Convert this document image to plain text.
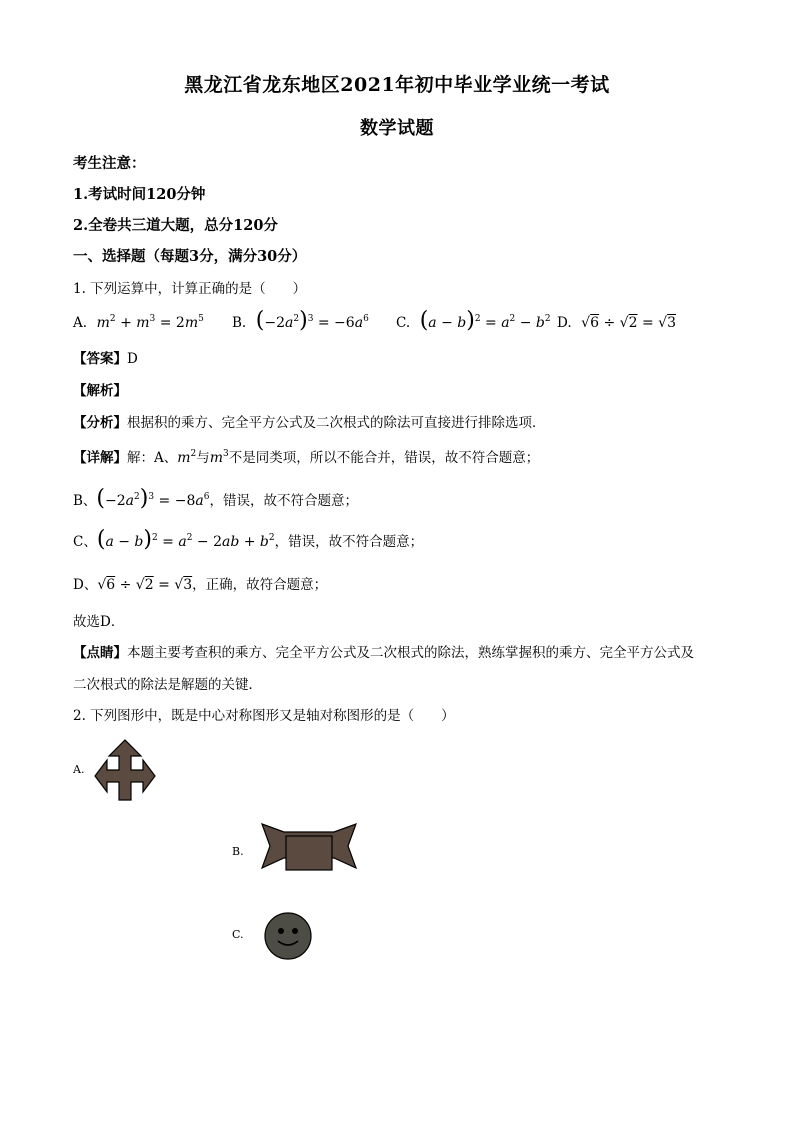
黑龙江省龙东地区2021年初中毕业学业统一考试
数学试题
考生注意：
1.考试时间120分钟
2.全卷共三道大题，总分120分
一、选择题（每题3分，满分30分）
1. 下列运算中，计算正确的是（　　）
A.  $m^2 + m^3 = 2m^5$ B. $(-2a^2)^3 = -6a^6$ C. $(a - b)^2 = a^2 - b^2$ D.  √6 ÷ √2 = √3
【答案】D
【解析】
【分析】根据积的乘方、完全平方公式及二次根式的除法可直接进行排除选项．
【详解】解：A、$m^2$与$m^3$不是同类项，所以不能合并，错误，故不符合题意；
B、$(-2a^2)^3 = -8a^6$，错误，故不符合题意；
C、$(a - b)^2 = a^2 - 2ab + b^2$，错误，故不符合题意；
D、√6 ÷ √2 = √3，正确，故符合题意；
故选D．
【点睛】本题主要考查积的乘方、完全平方公式及二次根式的除法，熟练掌握积的乘方、完全平方公式及
二次根式的除法是解题的关键．
2. 下列图形中，既是中心对称图形又是轴对称图形的是（　　）
A.
B.
C.
